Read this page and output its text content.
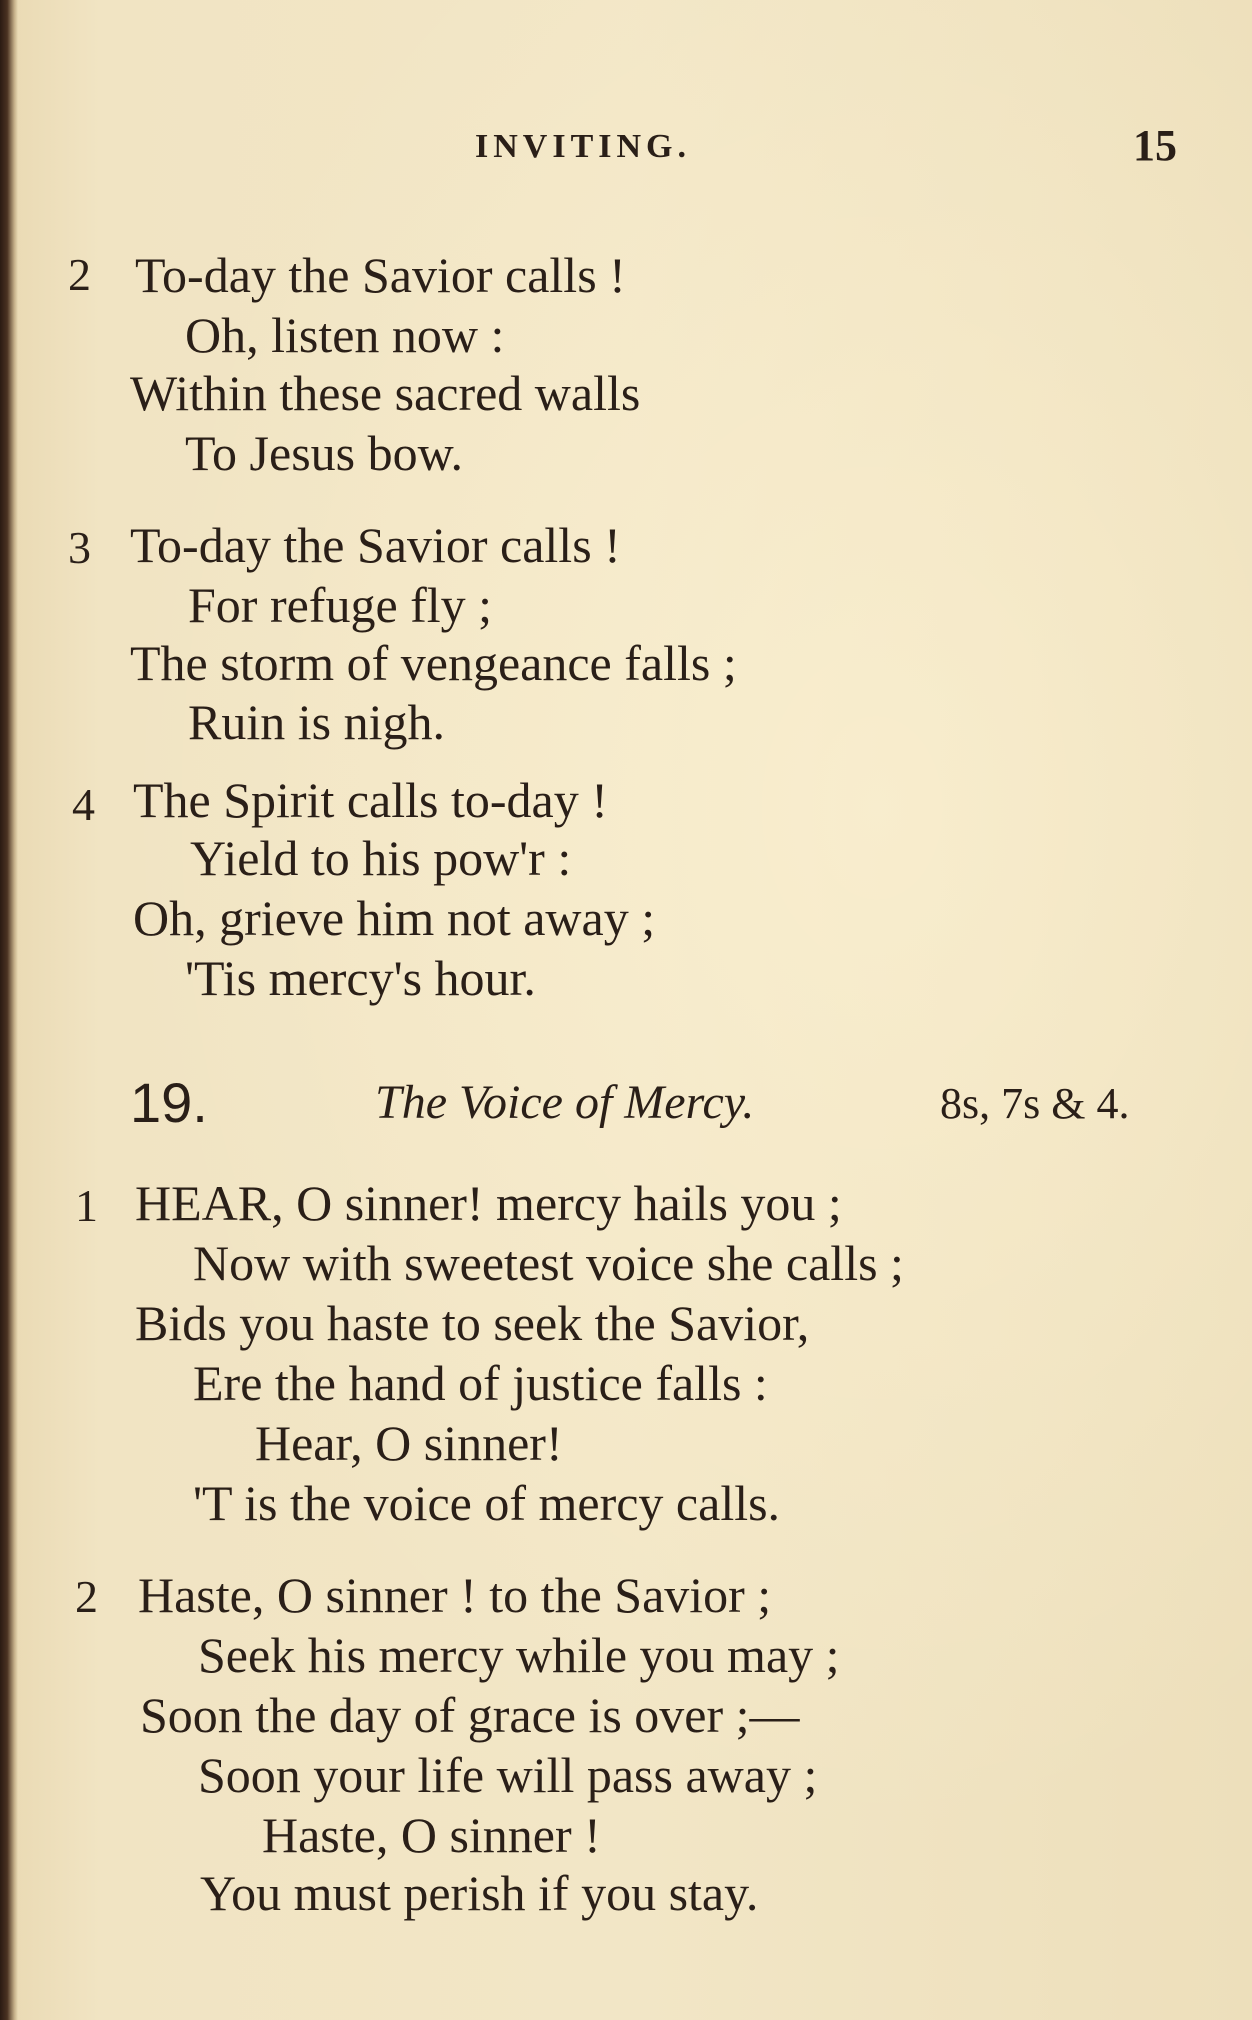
INVITING.	15
2 To-day the Savior calls !
Oh, listen now :
Within these sacred walls
To Jesus bow.
3 To-day the Savior calls !
For refuge fly ;
The storm of vengeance falls ;
Ruin is nigh.
4 The Spirit calls to-day !
Yield to his pow'r :
Oh, grieve him not away ;
'Tis mercy's hour.
19.	The Voice of Mercy.	8s, 7s & 4.
1 HEAR, O sinner! mercy hails you ;
Now with sweetest voice she calls ;
Bids you haste to seek the Savior,
Ere the hand of justice falls :
Hear, O sinner!
'T is the voice of mercy calls.
2 Haste, O sinner ! to the Savior ;
Seek his mercy while you may ;
Soon the day of grace is over ;—
Soon your life will pass away ;
Haste, O sinner !
You must perish if you stay.
